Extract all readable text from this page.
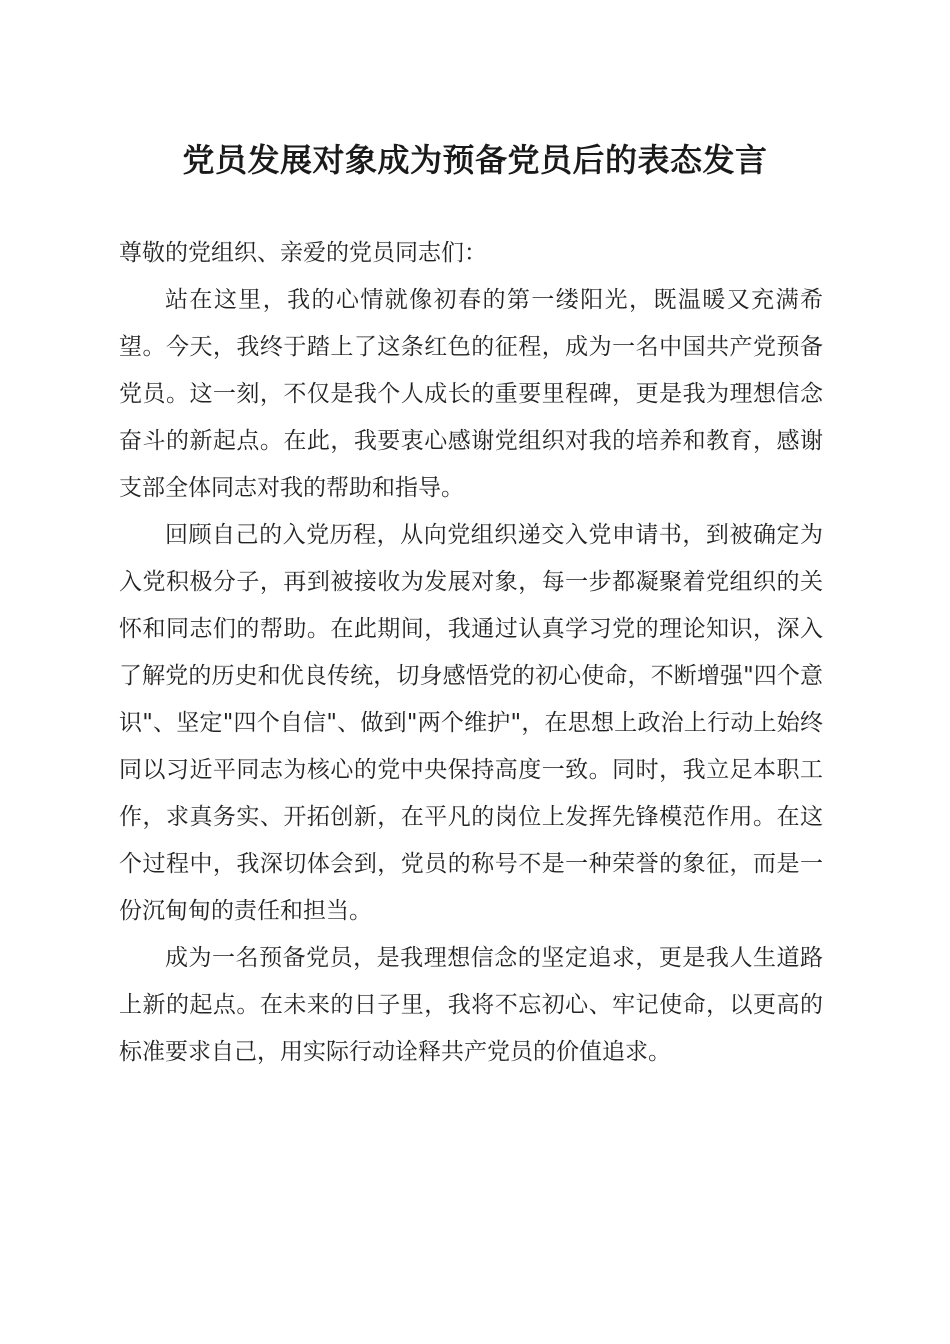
党员发展对象成为预备党员后的表态发言

尊敬的党组织、亲爱的党员同志们：

站在这里，我的心情就像初春的第一缕阳光，既温暖又充满希望。今天，我终于踏上了这条红色的征程，成为一名中国共产党预备党员。这一刻，不仅是我个人成长的重要里程碑，更是我为理想信念奋斗的新起点。在此，我要衷心感谢党组织对我的培养和教育，感谢支部全体同志对我的帮助和指导。

回顾自己的入党历程，从向党组织递交入党申请书，到被确定为入党积极分子，再到被接收为发展对象，每一步都凝聚着党组织的关怀和同志们的帮助。在此期间，我通过认真学习党的理论知识，深入了解党的历史和优良传统，切身感悟党的初心使命，不断增强"四个意识"、坚定"四个自信"、做到"两个维护"，在思想上政治上行动上始终同以习近平同志为核心的党中央保持高度一致。同时，我立足本职工作，求真务实、开拓创新，在平凡的岗位上发挥先锋模范作用。在这个过程中，我深切体会到，党员的称号不是一种荣誉的象征，而是一份沉甸甸的责任和担当。

成为一名预备党员，是我理想信念的坚定追求，更是我人生道路上新的起点。在未来的日子里，我将不忘初心、牢记使命，以更高的标准要求自己，用实际行动诠释共产党员的价值追求。
